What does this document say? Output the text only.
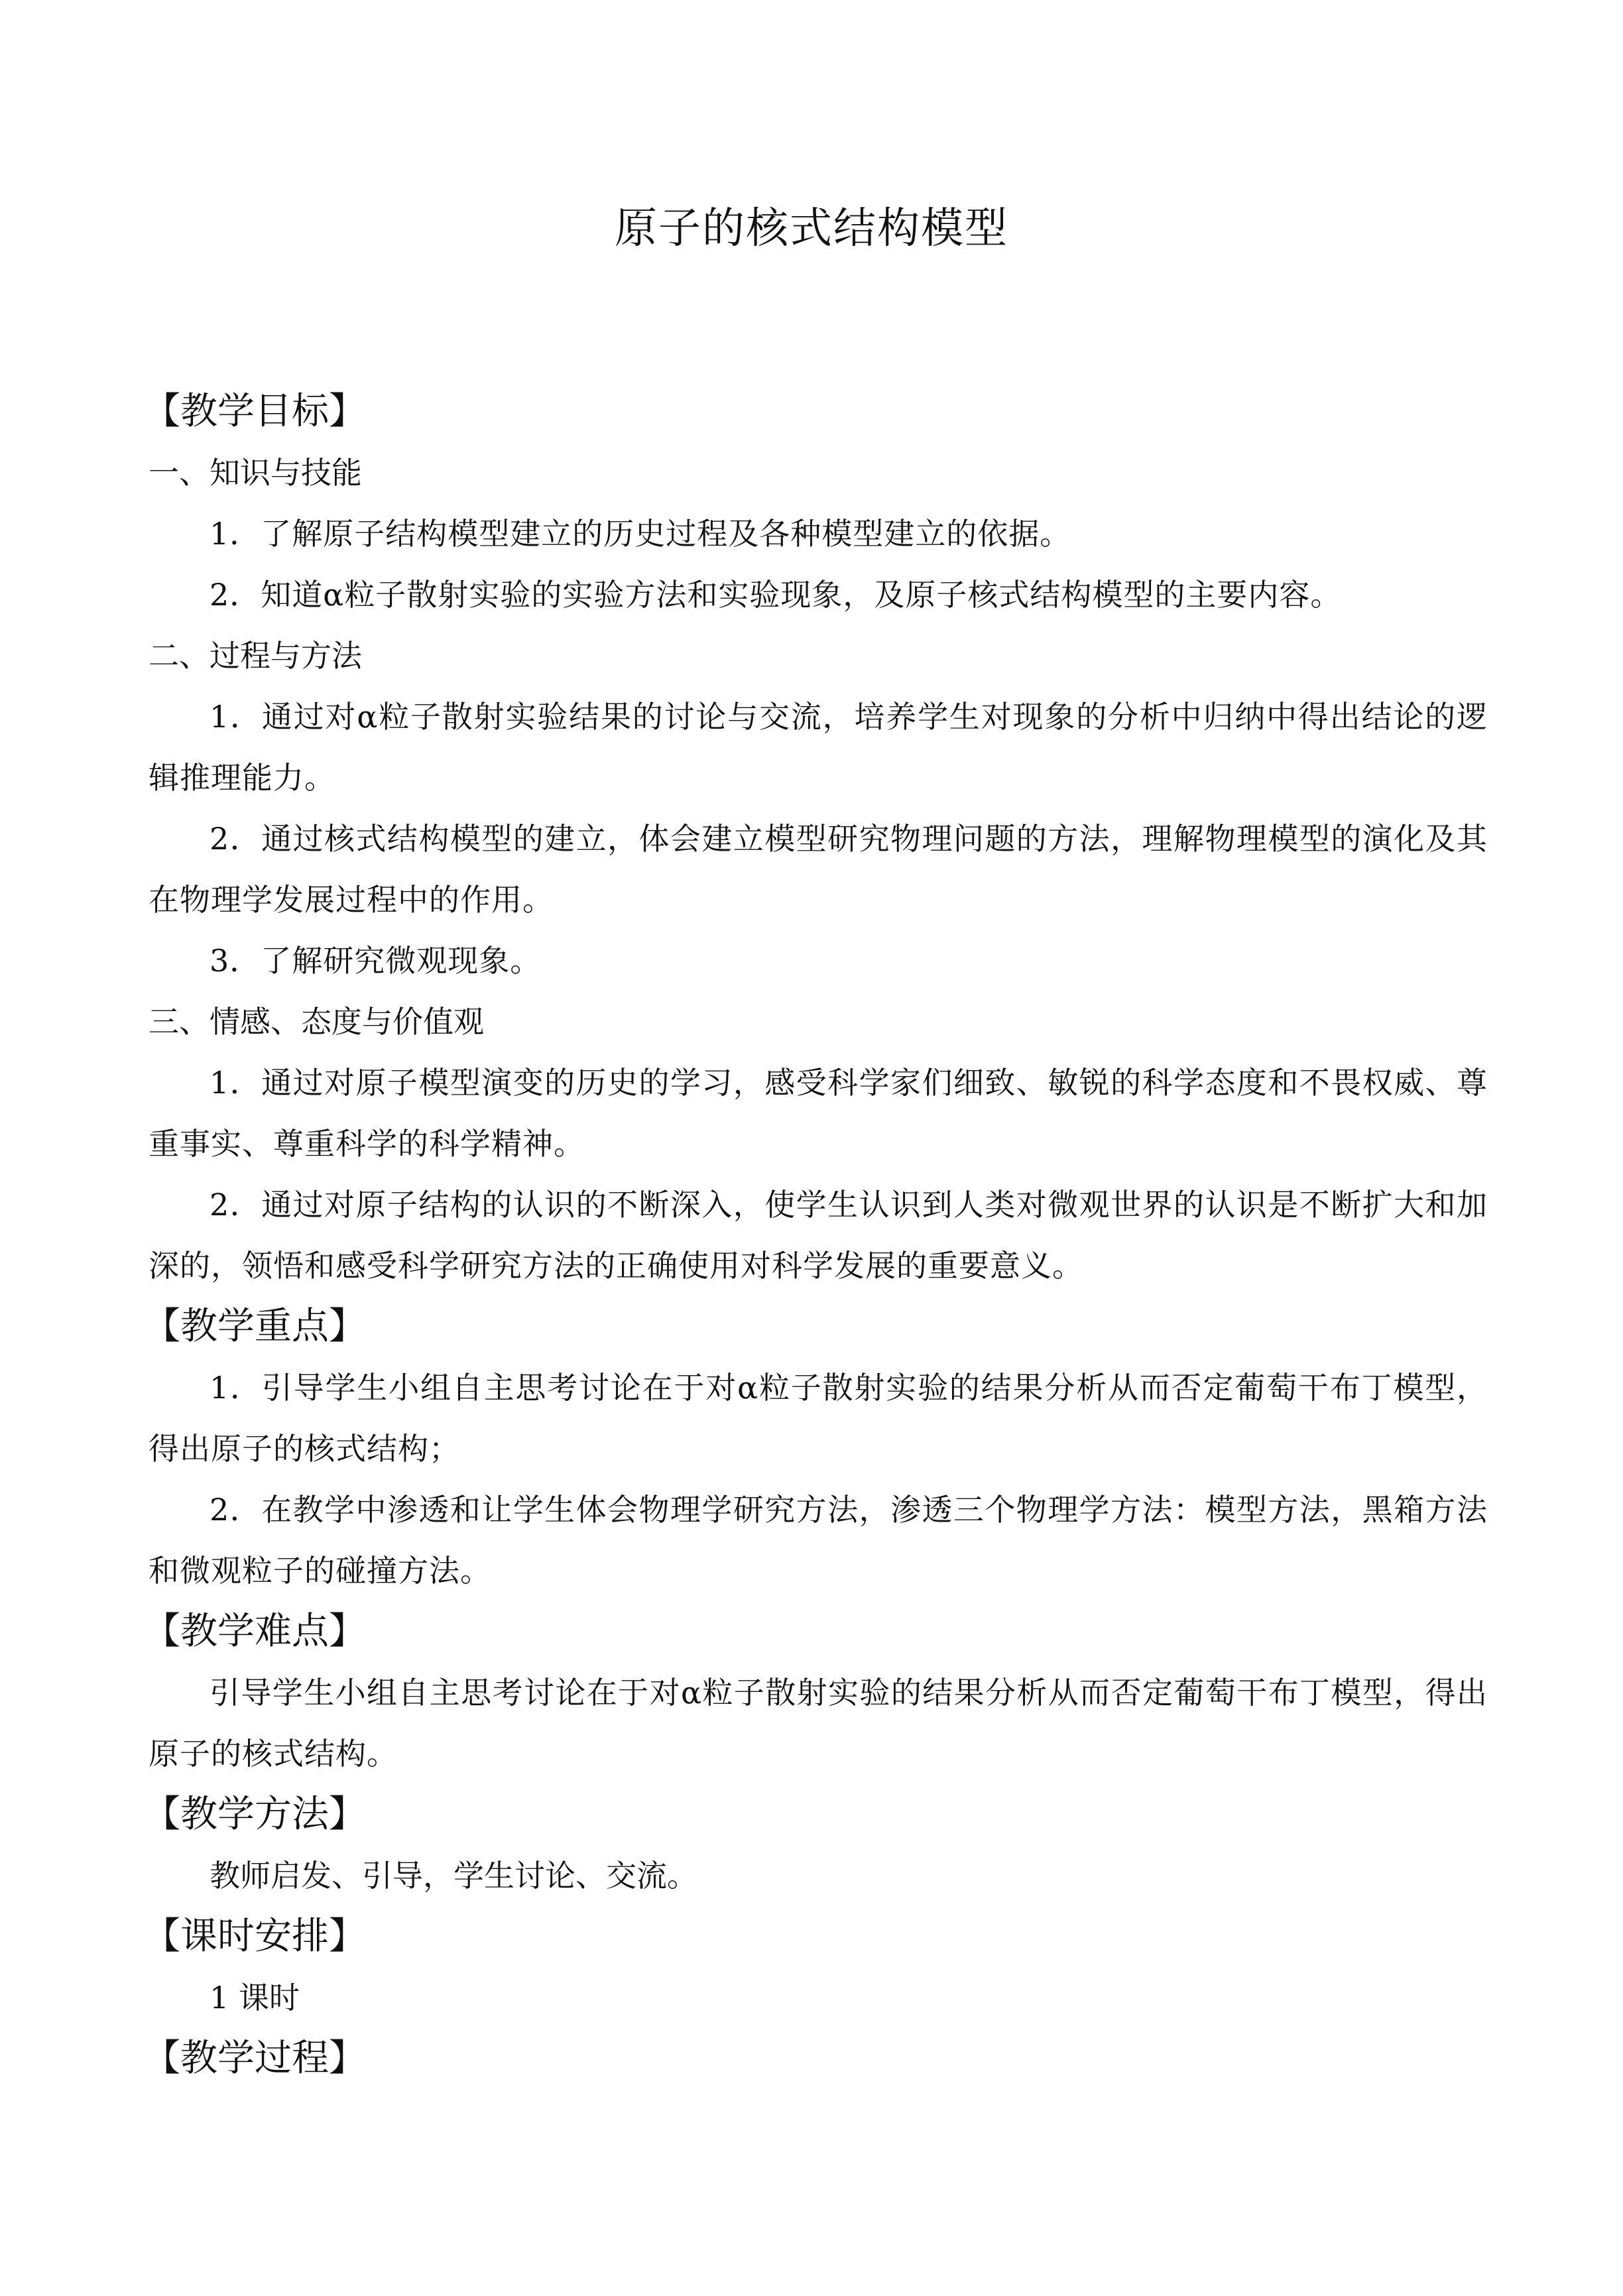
原子的核式结构模型
【教学目标】
一、知识与技能
1．了解原子结构模型建立的历史过程及各种模型建立的依据。
2．知道α粒子散射实验的实验方法和实验现象，及原子核式结构模型的主要内容。
二、过程与方法
1．通过对α粒子散射实验结果的讨论与交流，培养学生对现象的分析中归纳中得出结论的逻辑推理能力。
2．通过核式结构模型的建立，体会建立模型研究物理问题的方法，理解物理模型的演化及其在物理学发展过程中的作用。
3．了解研究微观现象。
三、情感、态度与价值观
1．通过对原子模型演变的历史的学习，感受科学家们细致、敏锐的科学态度和不畏权威、尊重事实、尊重科学的科学精神。
2．通过对原子结构的认识的不断深入，使学生认识到人类对微观世界的认识是不断扩大和加深的，领悟和感受科学研究方法的正确使用对科学发展的重要意义。
【教学重点】
1．引导学生小组自主思考讨论在于对α粒子散射实验的结果分析从而否定葡萄干布丁模型，得出原子的核式结构；
2．在教学中渗透和让学生体会物理学研究方法，渗透三个物理学方法：模型方法，黑箱方法和微观粒子的碰撞方法。
【教学难点】
引导学生小组自主思考讨论在于对α粒子散射实验的结果分析从而否定葡萄干布丁模型，得出原子的核式结构。
【教学方法】
教师启发、引导，学生讨论、交流。
【课时安排】
1 课时
【教学过程】
